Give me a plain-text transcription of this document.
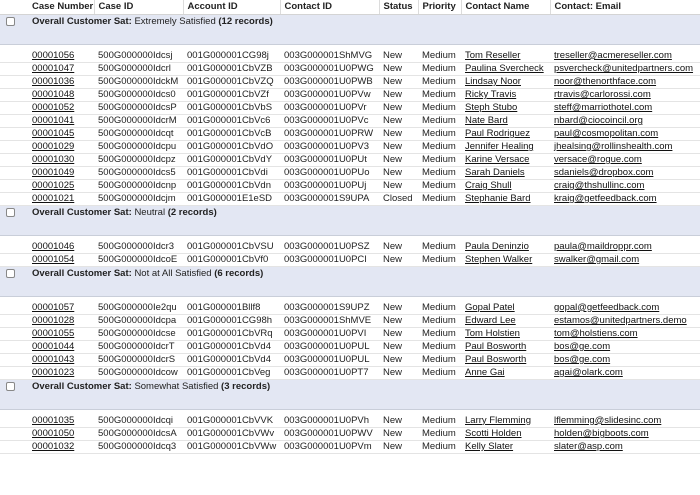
	Case Number	Case ID	Account ID	Contact ID	Status	Priority	Contact Name	Contact: Email
	Overall Customer Sat: Extremely Satisfied (12 records)							

	00001056	500G000000Idcsj	001G000001CG98j	003G000001ShMVG	New	Medium	Tom Reseller	treseller@acmereseller.com
	00001047	500G000000Idcrl	001G000001CbVZB	003G000001U0PWG	New	Medium	Paulina Svercheck	psvercheck@unitedpartners.com
	00001036	500G000000IdckM	001G000001CbVZQ	003G000001U0PWB	New	Medium	Lindsay Noor	noor@thenorthface.com
	00001048	500G000000Idcs0	001G000001CbVZf	003G000001U0PVw	New	Medium	Ricky Travis	rtravis@carlorossi.com
	00001052	500G000000IdcsP	001G000001CbVbS	003G000001U0PVr	New	Medium	Steph Stubo	steff@marriothotel.com
	00001041	500G000000IdcrM	001G000001CbVc6	003G000001U0PVc	New	Medium	Nate Bard	nbard@ciocoincil.org
	00001045	500G000000Idcqt	001G000001CbVcB	003G000001U0PRW	New	Medium	Paul Rodriguez	paul@cosmopolitan.com
	00001029	500G000000Idcpu	001G000001CbVdO	003G000001U0PV3	New	Medium	Jennifer Healing	jhealsing@rollinshealth.com
	00001030	500G000000Idcpz	001G000001CbVdY	003G000001U0PUt	New	Medium	Karine Versace	versace@rogue.com
	00001049	500G000000Idcs5	001G000001CbVdi	003G000001U0PUo	New	Medium	Sarah Daniels	sdaniels@dropbox.com
	00001025	500G000000Idcnp	001G000001CbVdn	003G000001U0PUj	New	Medium	Craig Shull	craig@thshullinc.com
	00001021	500G000000Idcjm	001G000001E1eSD	003G000001S9UPA	Closed	Medium	Stephanie Bard	kraig@getfeedback.com
	Overall Customer Sat: Neutral (2 records)							

	00001046	500G000000Idcr3	001G000001CbVSU	003G000001U0PSZ	New	Medium	Paula Deninzio	paula@maildroppr.com
	00001054	500G000000IdcoE	001G000001CbVf0	003G000001U0PCI	New	Medium	Stephen Walker	swalker@gmail.com
	Overall Customer Sat: Not at All Satisfied (6 records)							

	00001057	500G000000Ie2qu	001G000001Bllf8	003G000001S9UPZ	New	Medium	Gopal Patel	gopal@getfeedback.com
	00001028	500G000000Idcpa	001G000001CG98h	003G000001ShMVE	New	Medium	Edward Lee	estamos@unitedpartners.demo
	00001055	500G000000Idcse	001G000001CbVRq	003G000001U0PVI	New	Medium	Tom Holstien	tom@holstiens.com
	00001044	500G000000IdcrT	001G000001CbVd4	003G000001U0PUL	New	Medium	Paul Bosworth	bos@ge.com
	00001043	500G000000IdcrS	001G000001CbVd4	003G000001U0PUL	New	Medium	Paul Bosworth	bos@ge.com
	00001023	500G000000Idcow	001G000001CbVeg	003G000001U0PT7	New	Medium	Anne Gai	agai@olark.com
	Overall Customer Sat: Somewhat Satisfied (3 records)							

	00001035	500G000000Idcqi	001G000001CbVVK	003G000001U0PVh	New	Medium	Larry Flemming	lflemming@slidesinc.com
	00001050	500G000000IdcsA	001G000001CbVWv	003G000001U0PWV	New	Medium	Scotti Holden	holden@bigboots.com
	00001032	500G000000Idcq3	001G000001CbVWw	003G000001U0PVm	New	Medium	Kelly Slater	slater@asp.com
